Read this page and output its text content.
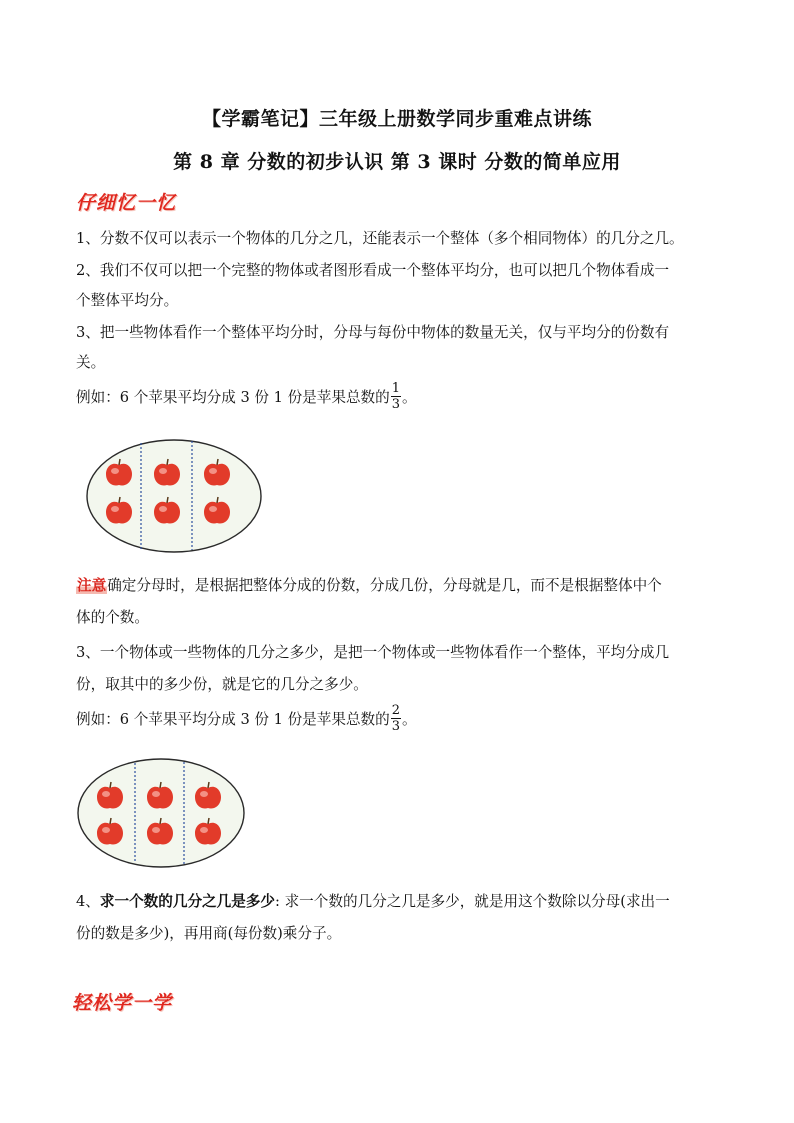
【学霸笔记】三年级上册数学同步重难点讲练
第 8 章 分数的初步认识 第 3 课时 分数的简单应用
仔细忆一忆
1、分数不仅可以表示一个物体的几分之几，还能表示一个整体（多个相同物体）的几分之几。
2、我们不仅可以把一个完整的物体或者图形看成一个整体平均分，也可以把几个物体看成一
个整体平均分。
3、把一些物体看作一个整体平均分时，分母与每份中物体的数量无关，仅与平均分的份数有
关。
例如：6 个苹果平均分成 3 份 1 份是苹果总数的 $\frac{1}{3}$ 。
注意确定分母时，是根据把整体分成的份数，分成几份，分母就是几，而不是根据整体中个
体的个数。
3、一个物体或一些物体的几分之多少，是把一个物体或一些物体看作一个整体，平均分成几
份，取其中的多少份，就是它的几分之多少。
例如：6 个苹果平均分成 3 份 1 份是苹果总数的 $\frac{2}{3}$ 。
4、求一个数的几分之几是多少: 求一个数的几分之几是多少，就是用这个数除以分母(求出一
份的数是多少)，再用商(每份数)乘分子。
轻松学一学
